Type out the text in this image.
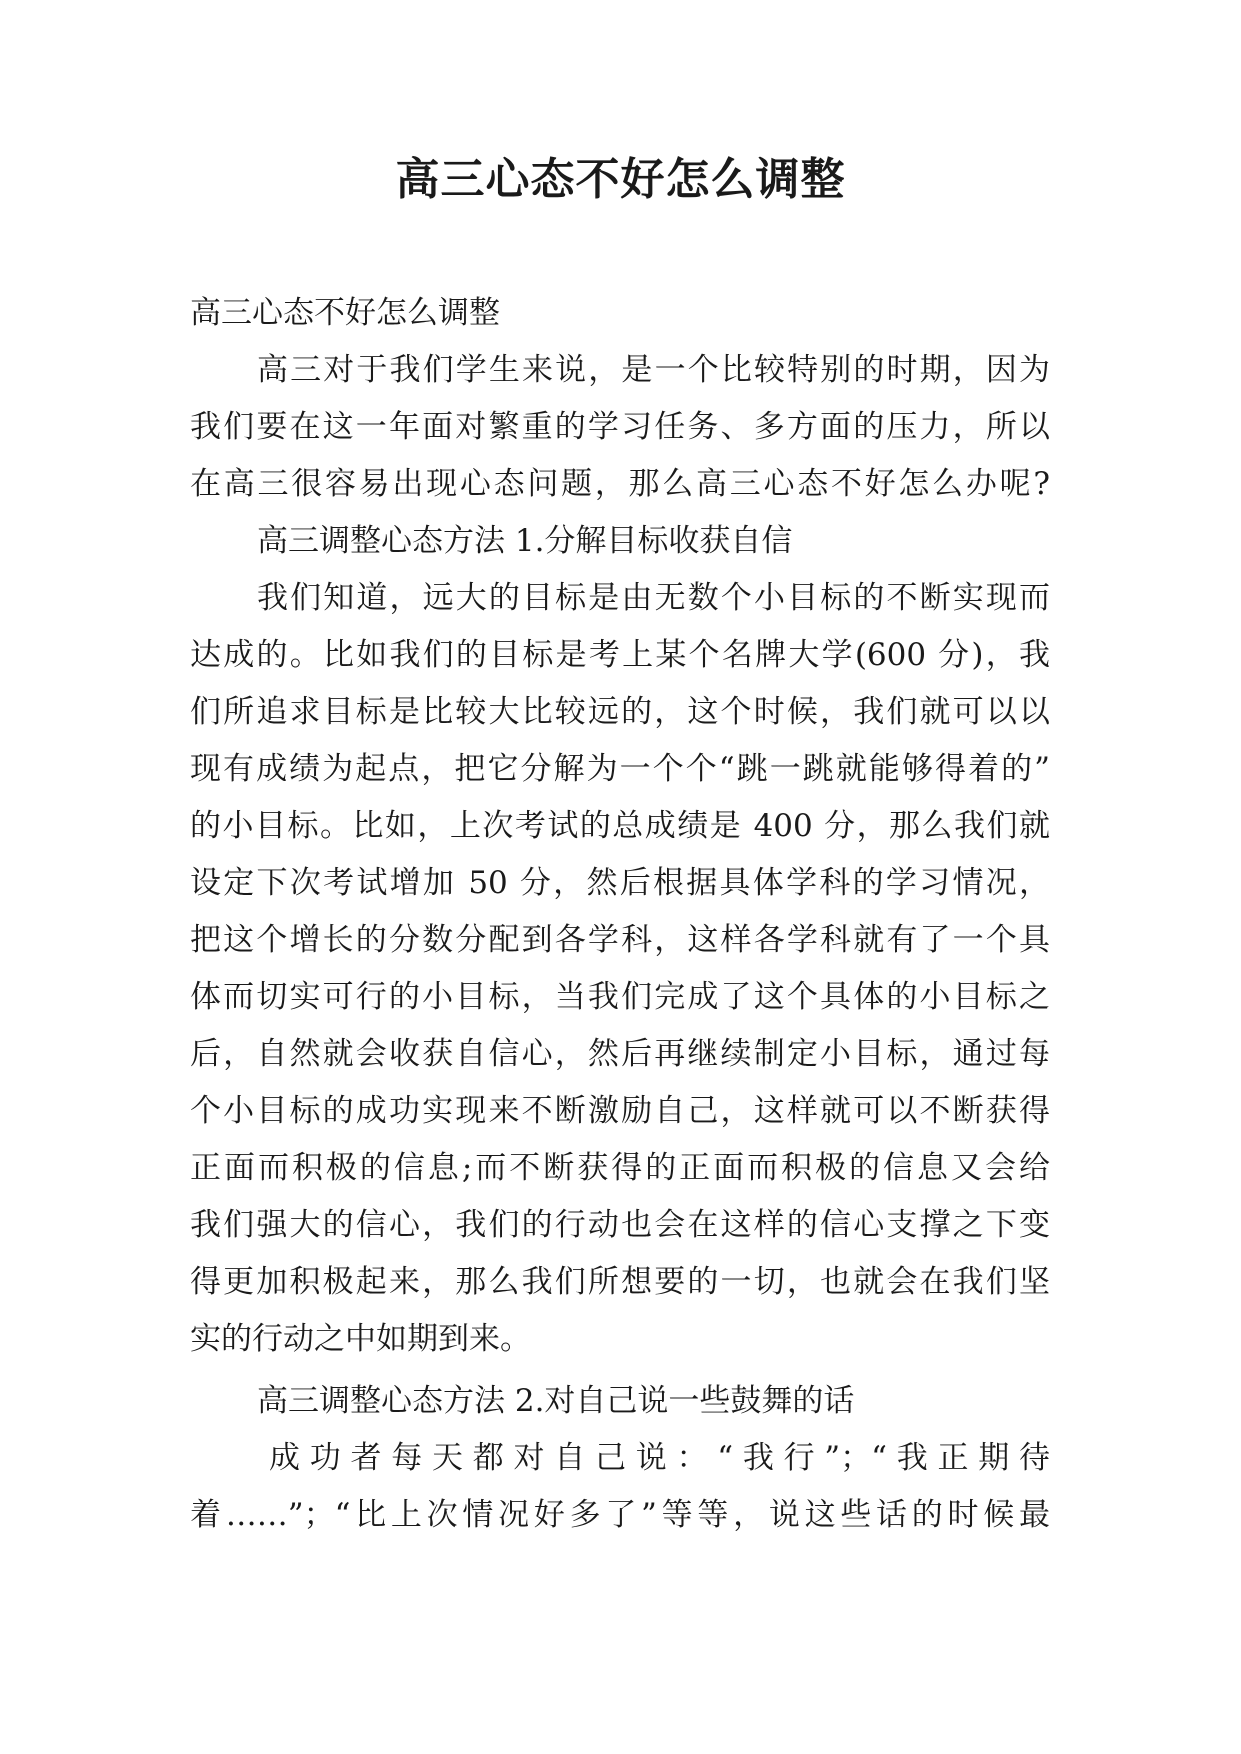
高三心态不好怎么调整
高三心态不好怎么调整
高三对于我们学生来说，是一个比较特别的时期，因为
我们要在这一年面对繁重的学习任务、多方面的压力，所以
在高三很容易出现心态问题，那么高三心态不好怎么办呢?
高三调整心态方法 1.分解目标收获自信
我们知道，远大的目标是由无数个小目标的不断实现而
达成的。比如我们的目标是考上某个名牌大学(600 分)，我
们所追求目标是比较大比较远的，这个时候，我们就可以以
现有成绩为起点，把它分解为一个个“跳一跳就能够得着的”
的小目标。比如，上次考试的总成绩是 400 分，那么我们就
设定下次考试增加 50 分，然后根据具体学科的学习情况，
把这个增长的分数分配到各学科，这样各学科就有了一个具
体而切实可行的小目标，当我们完成了这个具体的小目标之
后，自然就会收获自信心，然后再继续制定小目标，通过每
个小目标的成功实现来不断激励自己，这样就可以不断获得
正面而积极的信息;而不断获得的正面而积极的信息又会给
我们强大的信心，我们的行动也会在这样的信心支撑之下变
得更加积极起来，那么我们所想要的一切，也就会在我们坚
实的行动之中如期到来。
高三调整心态方法 2.对自己说一些鼓舞的话
成功者每天都对自己说：“我行”；“我正期待
着……”；“比上次情况好多了”等等，说这些话的时候最
